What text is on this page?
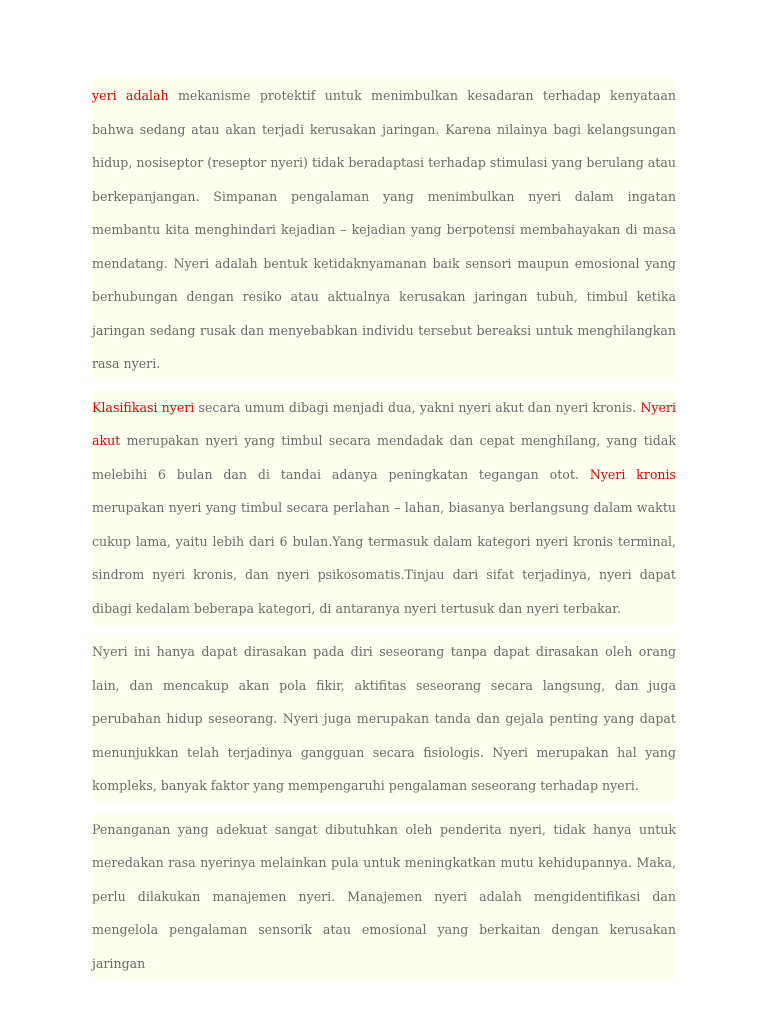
yeri adalah mekanisme protektif untuk menimbulkan kesadaran terhadap kenyataan bahwa sedang atau akan terjadi kerusakan jaringan. Karena nilainya bagi kelangsungan hidup, nosiseptor (reseptor nyeri) tidak beradaptasi terhadap stimulasi yang berulang atau berkepanjangan. Simpanan pengalaman yang menimbulkan nyeri dalam ingatan membantu kita menghindari kejadian – kejadian yang berpotensi membahayakan di masa mendatang. Nyeri adalah bentuk ketidaknyamanan baik sensori maupun emosional yang berhubungan dengan resiko atau aktualnya kerusakan jaringan tubuh, timbul ketika jaringan sedang rusak dan menyebabkan individu tersebut bereaksi untuk menghilangkan rasa nyeri.

Klasifikasi nyeri secara umum dibagi menjadi dua, yakni nyeri akut dan nyeri kronis. Nyeri akut merupakan nyeri yang timbul secara mendadak dan cepat menghilang, yang tidak melebihi 6 bulan dan di tandai adanya peningkatan tegangan otot. Nyeri kronis merupakan nyeri yang timbul secara perlahan – lahan, biasanya berlangsung dalam waktu cukup lama, yaitu lebih dari 6 bulan.Yang termasuk dalam kategori nyeri kronis terminal, sindrom nyeri kronis, dan nyeri psikosomatis.Tinjau dari sifat terjadinya, nyeri dapat dibagi kedalam beberapa kategori, di antaranya nyeri tertusuk dan nyeri terbakar.

Nyeri ini hanya dapat dirasakan pada diri seseorang tanpa dapat dirasakan oleh orang lain, dan mencakup akan pola fikir, aktifitas seseorang secara langsung, dan juga perubahan hidup seseorang. Nyeri juga merupakan tanda dan gejala penting yang dapat menunjukkan telah terjadinya gangguan secara fisiologis. Nyeri merupakan hal yang kompleks, banyak faktor yang mempengaruhi pengalaman seseorang terhadap nyeri.

Penanganan yang adekuat sangat dibutuhkan oleh penderita nyeri, tidak hanya untuk meredakan rasa nyerinya melainkan pula untuk meningkatkan mutu kehidupannya. Maka, perlu dilakukan manajemen nyeri. Manajemen nyeri adalah mengidentifikasi dan mengelola pengalaman sensorik atau emosional yang berkaitan dengan kerusakan jaringan
